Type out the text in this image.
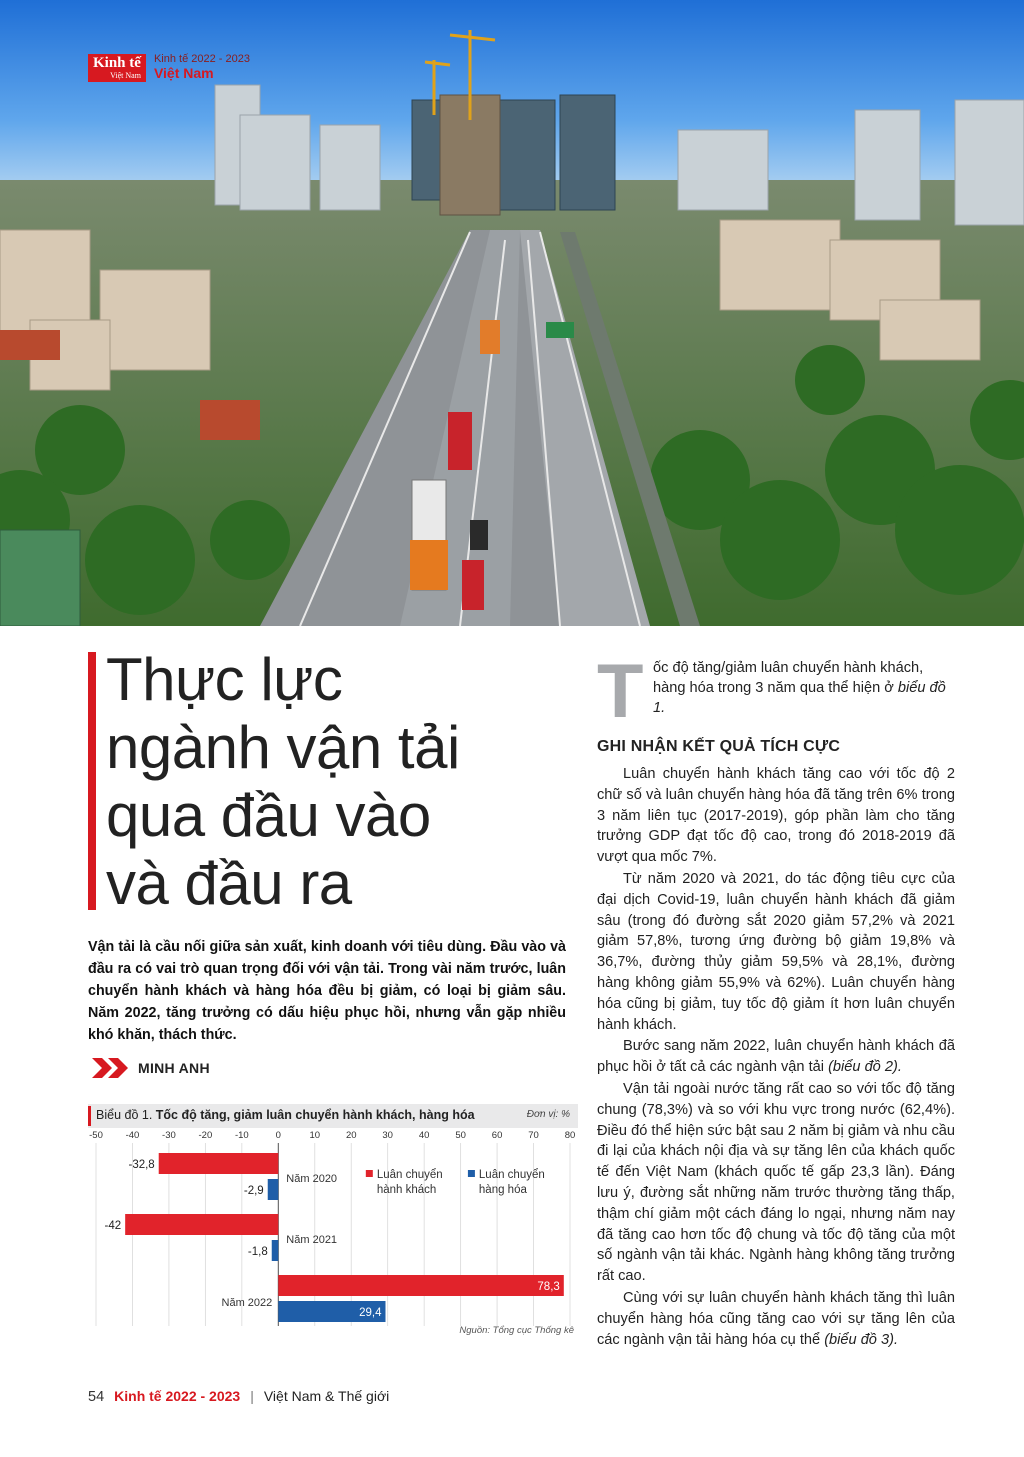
Kinh tế
Việt Nam
Kinh tế 2022 - 2023
Việt Nam
Thực lực
ngành vận tải
qua đầu vào
và đầu ra

Vận tải là cầu nối giữa sản xuất, kinh doanh với tiêu dùng. Đầu vào và đầu ra có vai trò quan trọng đối với vận tải. Trong vài năm trước, luân chuyển hành khách và hàng hóa đều bị giảm, có loại bị giảm sâu. Năm 2022, tăng trưởng có dấu hiệu phục hồi, nhưng vẫn gặp nhiều khó khăn, thách thức.

MINH ANH
Biểu đồ 1. Tốc độ tăng, giảm luân chuyển hành khách, hàng hóa	Đơn vị: %
-50 -40 -30 -20 -10	0	10	20	30	40	50	60	70	80
-32,8
-2,9
Năm 2020
-42
-1,8
Năm 2021
78,3
29,4
Năm 2022
Luân chuyển
hành khách
Luân chuyển
hàng hóa
Nguồn: Tổng cục Thống kê
T ốc độ tăng/giảm luân chuyển hành khách, hàng hóa trong 3 năm qua thể hiện ở biểu đồ 1.

GHI NHẬN KẾT QUẢ TÍCH CỰC

Luân chuyển hành khách tăng cao với tốc độ 2 chữ số và luân chuyển hàng hóa đã tăng trên 6% trong 3 năm liên tục (2017-2019), góp phần làm cho tăng trưởng GDP đạt tốc độ cao, trong đó 2018-2019 đã vượt qua mốc 7%.

Từ năm 2020 và 2021, do tác động tiêu cực của đại dịch Covid-19, luân chuyển hành khách đã giảm sâu (trong đó đường sắt 2020 giảm 57,2% và 2021 giảm 57,8%, tương ứng đường bộ giảm 19,8% và 36,7%, đường thủy giảm 59,5% và 28,1%, đường hàng không giảm 55,9% và 62%). Luân chuyển hàng hóa cũng bị giảm, tuy tốc độ giảm ít hơn luân chuyển hành khách.

Bước sang năm 2022, luân chuyển hành khách đã phục hồi ở tất cả các ngành vận tải (biểu đồ 2).

Vận tải ngoài nước tăng rất cao so với tốc độ tăng chung (78,3%) và so với khu vực trong nước (62,4%). Điều đó thể hiện sức bật sau 2 năm bị giảm và nhu cầu đi lại của khách nội địa và sự tăng lên của khách quốc tế đến Việt Nam (khách quốc tế gấp 23,3 lần). Đáng lưu ý, đường sắt những năm trước thường tăng thấp, thậm chí giảm một cách đáng lo ngại, nhưng năm nay đã tăng cao hơn tốc độ chung và tốc độ tăng của một số ngành vận tải khác. Ngành hàng không tăng trưởng rất cao.

Cùng với sự luân chuyển hành khách tăng thì luân chuyển hàng hóa cũng tăng cao với sự tăng lên của các ngành vận tải hàng hóa cụ thể (biểu đồ 3).

54 Kinh tế 2022 - 2023 | Việt Nam & Thế giới
